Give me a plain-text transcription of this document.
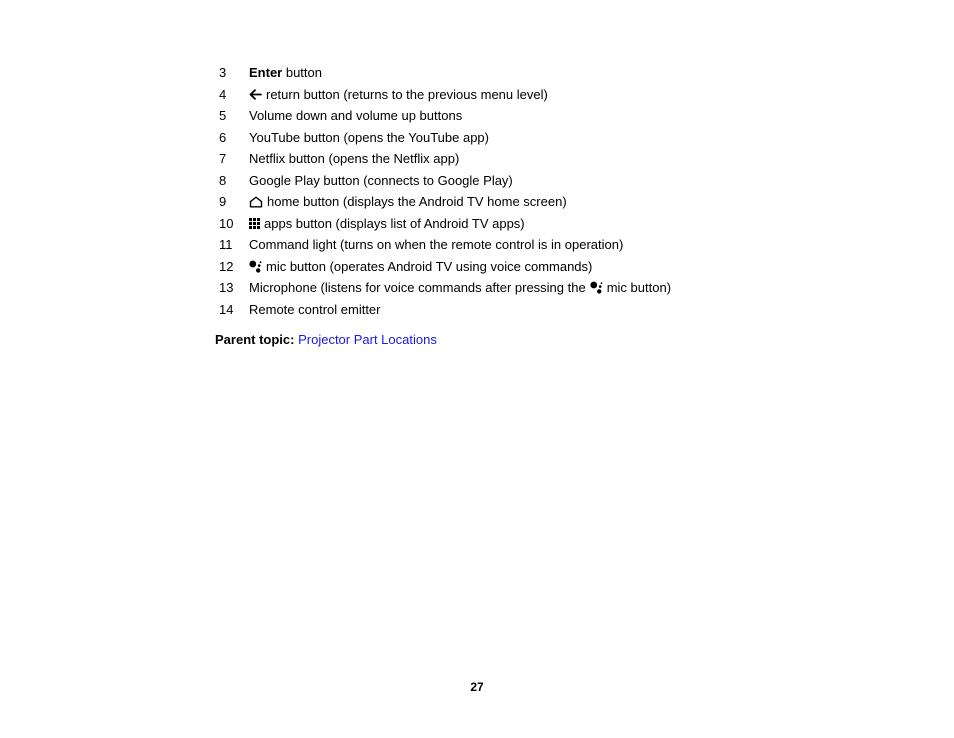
3	Enter button
4	return button (returns to the previous menu level)
5	Volume down and volume up buttons
6	YouTube button (opens the YouTube app)
7	Netflix button (opens the Netflix app)
8	Google Play button (connects to Google Play)
9	home button (displays the Android TV home screen)
10	apps button (displays list of Android TV apps)
11	Command light (turns on when the remote control is in operation)
12	mic button (operates Android TV using voice commands)
13	Microphone (listens for voice commands after pressing the mic button)
14	Remote control emitter
Parent topic: Projector Part Locations
27
